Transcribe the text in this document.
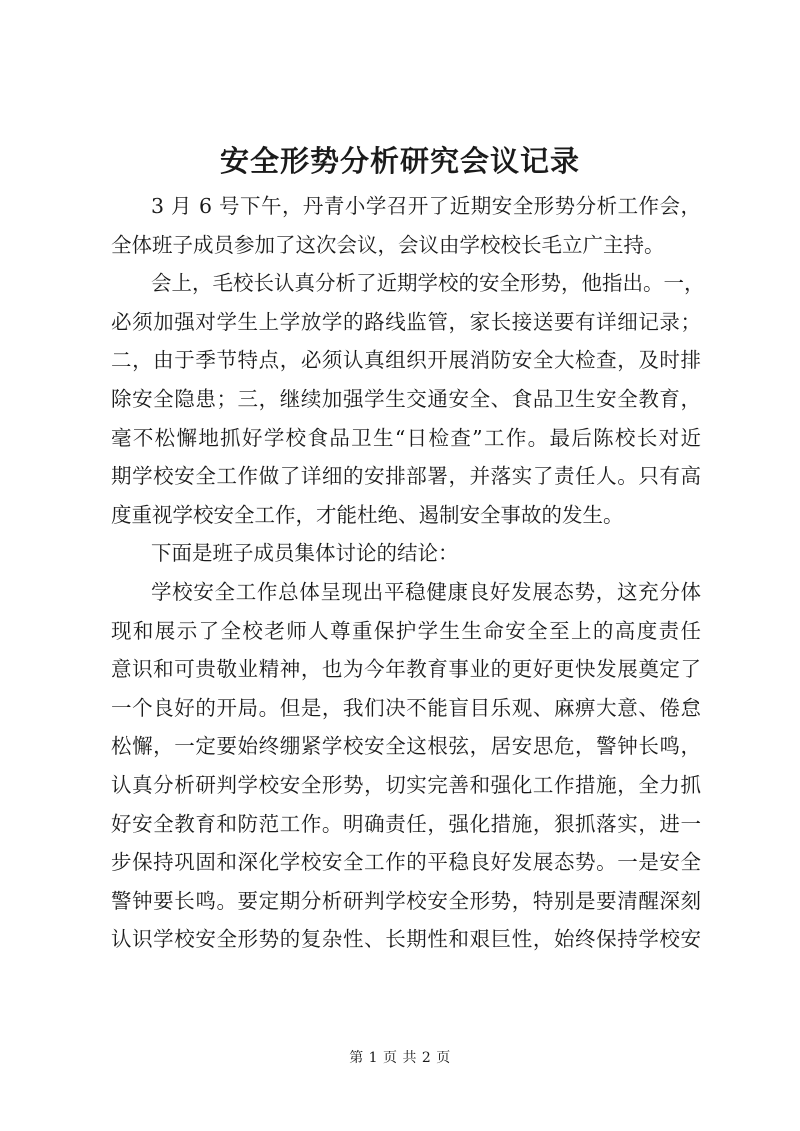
安全形势分析研究会议记录
3 月 6 号下午，丹青小学召开了近期安全形势分析工作会，
全体班子成员参加了这次会议，会议由学校校长毛立广主持。
会上，毛校长认真分析了近期学校的安全形势，他指出。一，
必须加强对学生上学放学的路线监管，家长接送要有详细记录；
二，由于季节特点，必须认真组织开展消防安全大检查，及时排
除安全隐患；三，继续加强学生交通安全、食品卫生安全教育，
毫不松懈地抓好学校食品卫生“日检查”工作。最后陈校长对近
期学校安全工作做了详细的安排部署，并落实了责任人。只有高
度重视学校安全工作，才能杜绝、遏制安全事故的发生。
下面是班子成员集体讨论的结论：
学校安全工作总体呈现出平稳健康良好发展态势，这充分体
现和展示了全校老师人尊重保护学生生命安全至上的高度责任
意识和可贵敬业精神，也为今年教育事业的更好更快发展奠定了
一个良好的开局。但是，我们决不能盲目乐观、麻痹大意、倦怠
松懈，一定要始终绷紧学校安全这根弦，居安思危，警钟长鸣，
认真分析研判学校安全形势，切实完善和强化工作措施，全力抓
好安全教育和防范工作。明确责任，强化措施，狠抓落实，进一
步保持巩固和深化学校安全工作的平稳良好发展态势。一是安全
警钟要长鸣。要定期分析研判学校安全形势，特别是要清醒深刻
认识学校安全形势的复杂性、长期性和艰巨性，始终保持学校安
第 1 页 共 2 页
